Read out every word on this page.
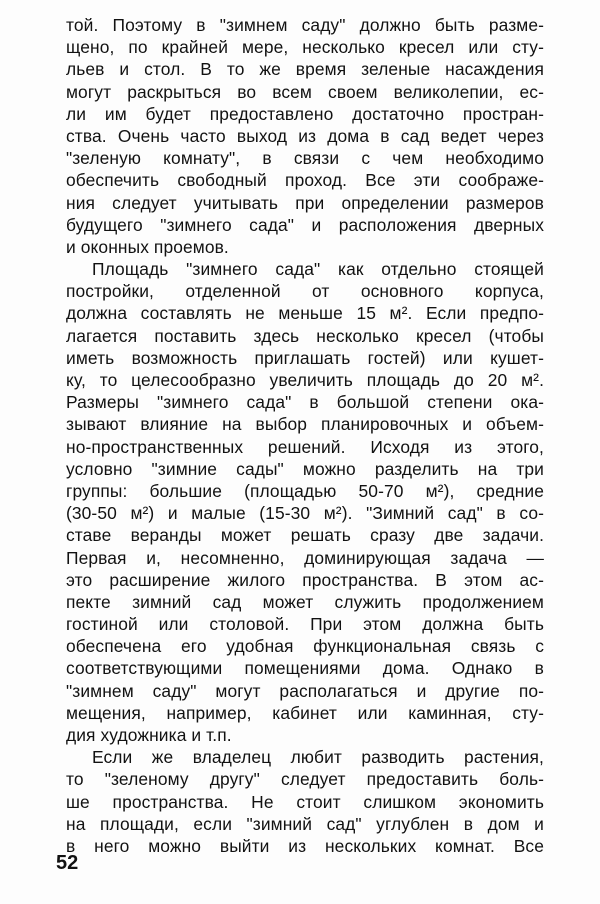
той. Поэтому в "зимнем саду" должно быть разме-
щено, по крайней мере, несколько кресел или сту-
льев и стол. В то же время зеленые насаждения
могут раскрыться во всем своем великолепии, ес-
ли им будет предоставлено достаточно простран-
ства. Очень часто выход из дома в сад ведет через
"зеленую комнату", в связи с чем необходимо
обеспечить свободный проход. Все эти соображе-
ния следует учитывать при определении размеров
будущего "зимнего сада" и расположения дверных
и оконных проемов.
Площадь "зимнего сада" как отдельно стоящей
постройки, отделенной от основного корпуса,
должна составлять не меньше 15 м². Если предпо-
лагается поставить здесь несколько кресел (чтобы
иметь возможность приглашать гостей) или кушет-
ку, то целесообразно увеличить площадь до 20 м².
Размеры "зимнего сада" в большой степени ока-
зывают влияние на выбор планировочных и объем-
но-пространственных решений. Исходя из этого,
условно "зимние сады" можно разделить на три
группы: большие (площадью 50-70 м²), средние
(30-50 м²) и малые (15-30 м²). "Зимний сад" в со-
ставе веранды может решать сразу две задачи.
Первая и, несомненно, доминирующая задача —
это расширение жилого пространства. В этом ас-
пекте зимний сад может служить продолжением
гостиной или столовой. При этом должна быть
обеспечена его удобная функциональная связь с
соответствующими помещениями дома. Однако в
"зимнем саду" могут располагаться и другие по-
мещения, например, кабинет или каминная, сту-
дия художника и т.п.
Если же владелец любит разводить растения,
то "зеленому другу" следует предоставить боль-
ше пространства. Не стоит слишком экономить
на площади, если "зимний сад" углублен в дом и
в него можно выйти из нескольких комнат. Все
52
